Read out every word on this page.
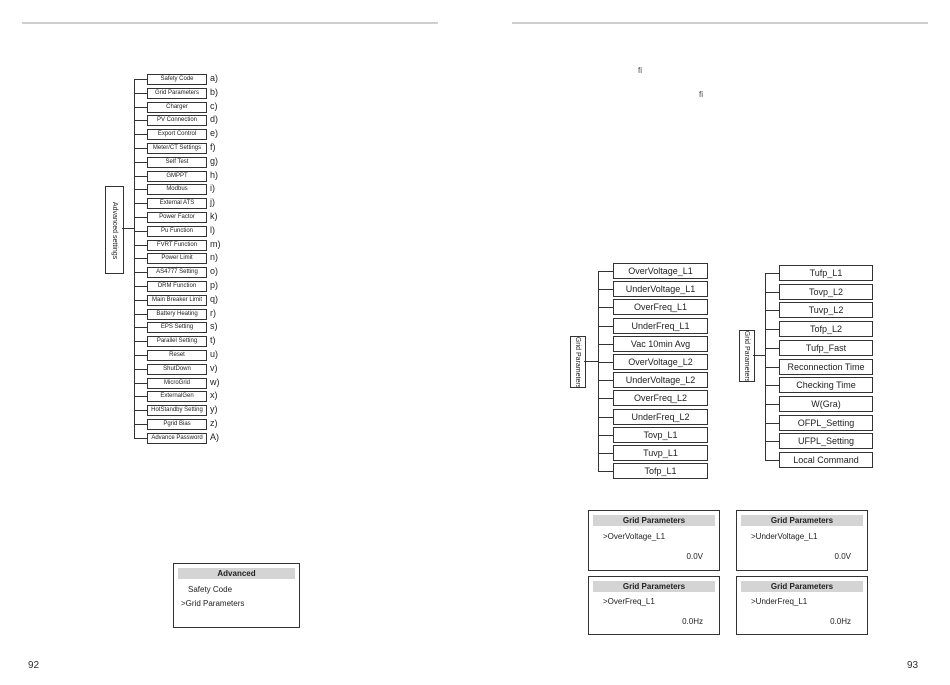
92	93
fi
fi
Advanced settings
Safety Code	a)
Grid Parameters	b)
Charger	c)
PV Connection	d)
Export Control	e)
Meter/CT Settings f)
Self Test	g)
GMPPT	h)
Modbus	i)
External ATS	j)
Power Factor	k)
Pu Function	l)
FVRT Function	m)
Power Limit	n)
AS4777 Setting	o)
DRM Function	p)
Main Breaker Limit q)
Battery Heating	r)
EPS Setting	s)
Parallel Setting	t)
Reset	u)
ShutDown	v)
MicroGrid	w)
ExternalGen	x)
HotStandby Setting y)
Pgrid Bias	z)
Advance Password A)
Advanced
Safety Code
>Grid Parameters
Grid Parameters
OverVoltage_L1
UnderVoltage_L1
OverFreq_L1
UnderFreq_L1
Vac 10min Avg
OverVoltage_L2
UnderVoltage_L2
OverFreq_L2
UnderFreq_L2
Tovp_L1
Tuvp_L1
Tofp_L1
Grid Parameters
Tufp_L1
Tovp_L2
Tuvp_L2
Tofp_L2
Tufp_Fast
Reconnection Time
Checking Time
W(Gra)
OFPL_Setting
UFPL_Setting
Local Command
Grid Parameters
>OverVoltage_L1
0.0V
Grid Parameters
>UnderVoltage_L1
0.0V
Grid Parameters
>OverFreq_L1
0.0Hz
Grid Parameters
>UnderFreq_L1
0.0Hz
